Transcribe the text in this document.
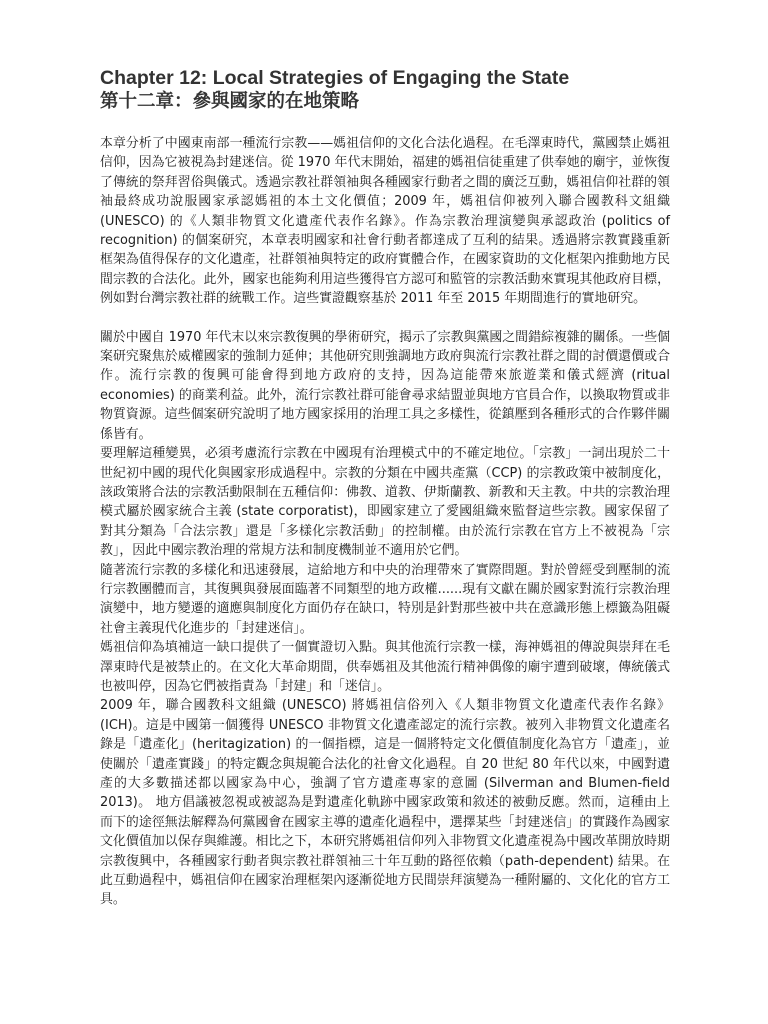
Chapter 12: Local Strategies of Engaging the State
第十二章：參與國家的在地策略

本章分析了中國東南部一種流行宗教——媽祖信仰的文化合法化過程。在毛澤東時代，黨國禁止媽祖信仰，因為它被視為封建迷信。從 1970 年代末開始，福建的媽祖信徒重建了供奉她的廟宇，並恢復了傳統的祭拜習俗與儀式。透過宗教社群領袖與各種國家行動者之間的廣泛互動，媽祖信仰社群的領袖最終成功說服國家承認媽祖的本土文化價值；2009 年，媽祖信仰被列入聯合國教科文組織 (UNESCO) 的《人類非物質文化遺產代表作名錄》。作為宗教治理演變與承認政治 (politics of recognition) 的個案研究，本章表明國家和社會行動者都達成了互利的結果。透過將宗教實踐重新框架為值得保存的文化遺產，社群領袖與特定的政府實體合作，在國家資助的文化框架內推動地方民間宗教的合法化。此外，國家也能夠利用這些獲得官方認可和監管的宗教活動來實現其他政府目標，例如對台灣宗教社群的統戰工作。這些實證觀察基於 2011 年至 2015 年期間進行的實地研究。

關於中國自 1970 年代末以來宗教復興的學術研究，揭示了宗教與黨國之間錯綜複雜的關係。一些個案研究聚焦於威權國家的強制力延伸；其他研究則強調地方政府與流行宗教社群之間的討價還價或合作。流行宗教的復興可能會得到地方政府的支持，因為這能帶來旅遊業和儀式經濟 (ritual economies) 的商業利益。此外，流行宗教社群可能會尋求結盟並與地方官員合作，以換取物質或非物質資源。這些個案研究說明了地方國家採用的治理工具之多樣性，從鎮壓到各種形式的合作夥伴關係皆有。

要理解這種變異，必須考慮流行宗教在中國現有治理模式中的不確定地位。「宗教」一詞出現於二十世紀初中國的現代化與國家形成過程中。宗教的分類在中國共產黨（CCP) 的宗教政策中被制度化，該政策將合法的宗教活動限制在五種信仰：佛教、道教、伊斯蘭教、新教和天主教。中共的宗教治理模式屬於國家統合主義 (state corporatist)，即國家建立了愛國組織來監督這些宗教。國家保留了對其分類為「合法宗教」還是「多樣化宗教活動」的控制權。由於流行宗教在官方上不被視為「宗教」，因此中國宗教治理的常規方法和制度機制並不適用於它們。

隨著流行宗教的多樣化和迅速發展，這給地方和中央的治理帶來了實際問題。對於曾經受到壓制的流行宗教團體而言，其復興與發展面臨著不同類型的地方政權......現有文獻在關於國家對流行宗教治理演變中，地方變遷的適應與制度化方面仍存在缺口，特別是針對那些被中共在意識形態上標籤為阻礙社會主義現代化進步的「封建迷信」。

媽祖信仰為填補這一缺口提供了一個實證切入點。與其他流行宗教一樣，海神媽祖的傳說與崇拜在毛澤東時代是被禁止的。在文化大革命期間，供奉媽祖及其他流行精神偶像的廟宇遭到破壞，傳統儀式也被叫停，因為它們被指責為「封建」和「迷信」。

2009 年，聯合國教科文組織 (UNESCO) 將媽祖信俗列入《人類非物質文化遺產代表作名錄》(ICH)。這是中國第一個獲得 UNESCO 非物質文化遺產認定的流行宗教。被列入非物質文化遺產名錄是「遺產化」(heritagization) 的一個指標，這是一個將特定文化價值制度化為官方「遺產」，並使關於「遺產實踐」的特定觀念與規範合法化的社會文化過程。自 20 世紀 80 年代以來，中國對遺產的大多數描述都以國家為中心，強調了官方遺產專家的意圖 (Silverman and Blumen-field 2013)。 地方倡議被忽視或被認為是對遺產化軌跡中國家政策和敘述的被動反應。然而，這種由上而下的途徑無法解釋為何黨國會在國家主導的遺產化過程中，選擇某些「封建迷信」的實踐作為國家文化價值加以保存與維護。相比之下，本研究將媽祖信仰列入非物質文化遺產視為中國改革開放時期宗教復興中，各種國家行動者與宗教社群領袖三十年互動的路徑依賴（path-dependent) 結果。在此互動過程中，媽祖信仰在國家治理框架內逐漸從地方民間崇拜演變為一種附屬的、文化化的官方工具。
